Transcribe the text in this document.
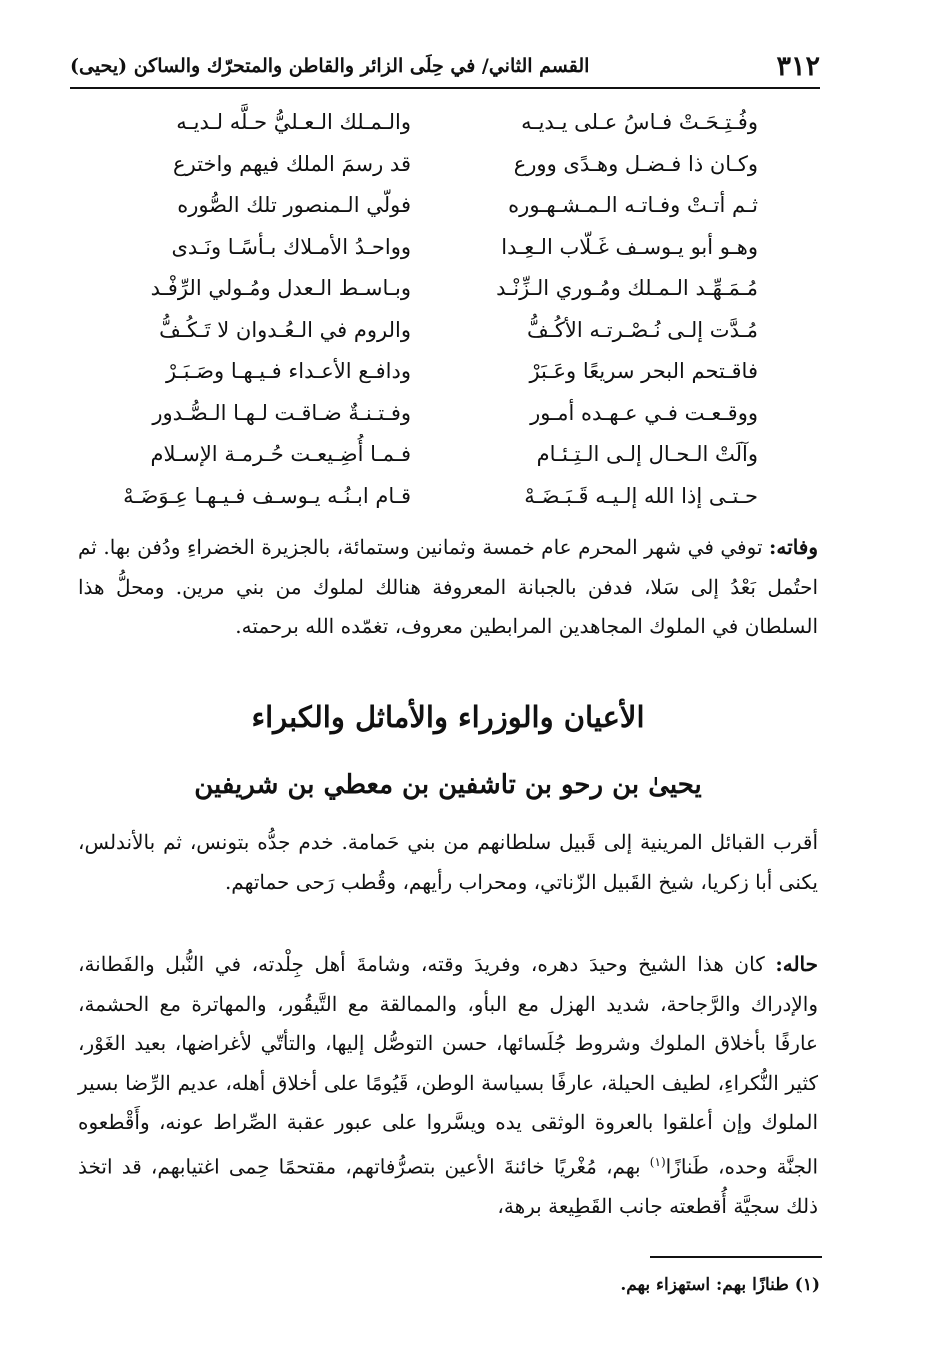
٣١٢
القسم الثاني/ في حِلَى الزائر والقاطن والمتحرّك والساكن (يحيى)
وفُـتِـحَـتْ فـاسُ عـلى يـديـه
والـمـلك الـعـليُّ حـلَّه لـديـه
وكـان ذا فـضـل وهـدًى وورع
قد رسمَ الملك فيهم واخترع
ثـم أتـتْ وفـاتـه الـمـشـهـوره
فولّي الـمنصور تلك الصُّوره
وهـو أبو يـوسـف غَـلّاب الـعِـدا
وواحـدُ الأمـلاك بـأسًـا ونَـدى
مُـمَـهِّـد الـمـلك ومُـوري الـزِّنْـد
وبـاسـط الـعدل ومُـولي الرِّفْـد
مُـدَّت إلـى نُـصْـرتـه الأكُـفُّ
والروم في الـعُـدوان لا تَـكُـفُّ
فاقـتحم البحر سريعًا وعَـبَرْ
ودافـع الأعـداء فـيـهـا وصَـبَـرْ
ووقـعـت فـي عـهـده أمـور
وفـتـنـةٌ ضـاقـت لـهـا الـصُّـدور
وآلَتْ الـحـال إلـى الـتِـئـام
فـمـا أُضِـيعـت حُـرمـة الإسـلام
حـتـى إذا الله إلـيـه قَـبَـضَـهْ
قـام ابـنُـه يـوسـف فـيـهـا عِـوَضَـهْ

وفاته: توفي في شهر المحرم عام خمسة وثمانين وستمائة، بالجزيرة الخضراءِ ودُفن بها. ثم احتُمل بَعْدُ إلى سَلا، فدفن بالجبانة المعروفة هنالك لملوك من بني مرين. ومحلُّ هذا السلطان في الملوك المجاهدين المرابطين معروف، تغمّده الله برحمته.

الأعيان والوزراء والأماثل والكبراء
يحيىٰ بن رحو بن تاشفين بن معطي بن شريفين

أقرب القبائل المرينية إلى قَبيل سلطانهم من بني حَمامة. خدم جدُّه بتونس، ثم بالأندلس، يكنى أبا زكريا، شيخ القَبيل الزّناتي، ومحراب رأيهم، وقُطب رَحى حماتهم.

حاله: كان هذا الشيخ وحيدَ دهره، وفريدَ وقته، وشامةَ أهل جِلْدته، في النُّبل والفَطانة، والإدراك والرَّجاحة، شديد الهزل مع البأو، والممالقة مع التَّيقُور، والمهاترة مع الحشمة، عارفًا بأخلاق الملوك وشروط جُلَسائها، حسن التوصُّل إليها، والتأتّي لأغراضها، بعيد الغَوْر، كثير النُّكراءِ، لطيف الحيلة، عارفًا بسياسة الوطن، قَيُومًا على أخلاق أهله، عديم الرِّضا بسير الملوك وإن أعلقوا بالعروة الوثقى يده ويسَّروا على عبور عقبة الصِّراط عونه، وأَقْطعوه الجنَّة وحده، طَنازًا$^{(١)}$ بهم، مُغْريًا خائنةَ الأعين بتصرُّفاتهم، مقتحمًا حِمى اغتيابهم، قد اتخذ ذلك سجيَّة أُقطعته جانب القَطِيعة برهة،

(١) طنازًا بهم: استهزاء بهم.
